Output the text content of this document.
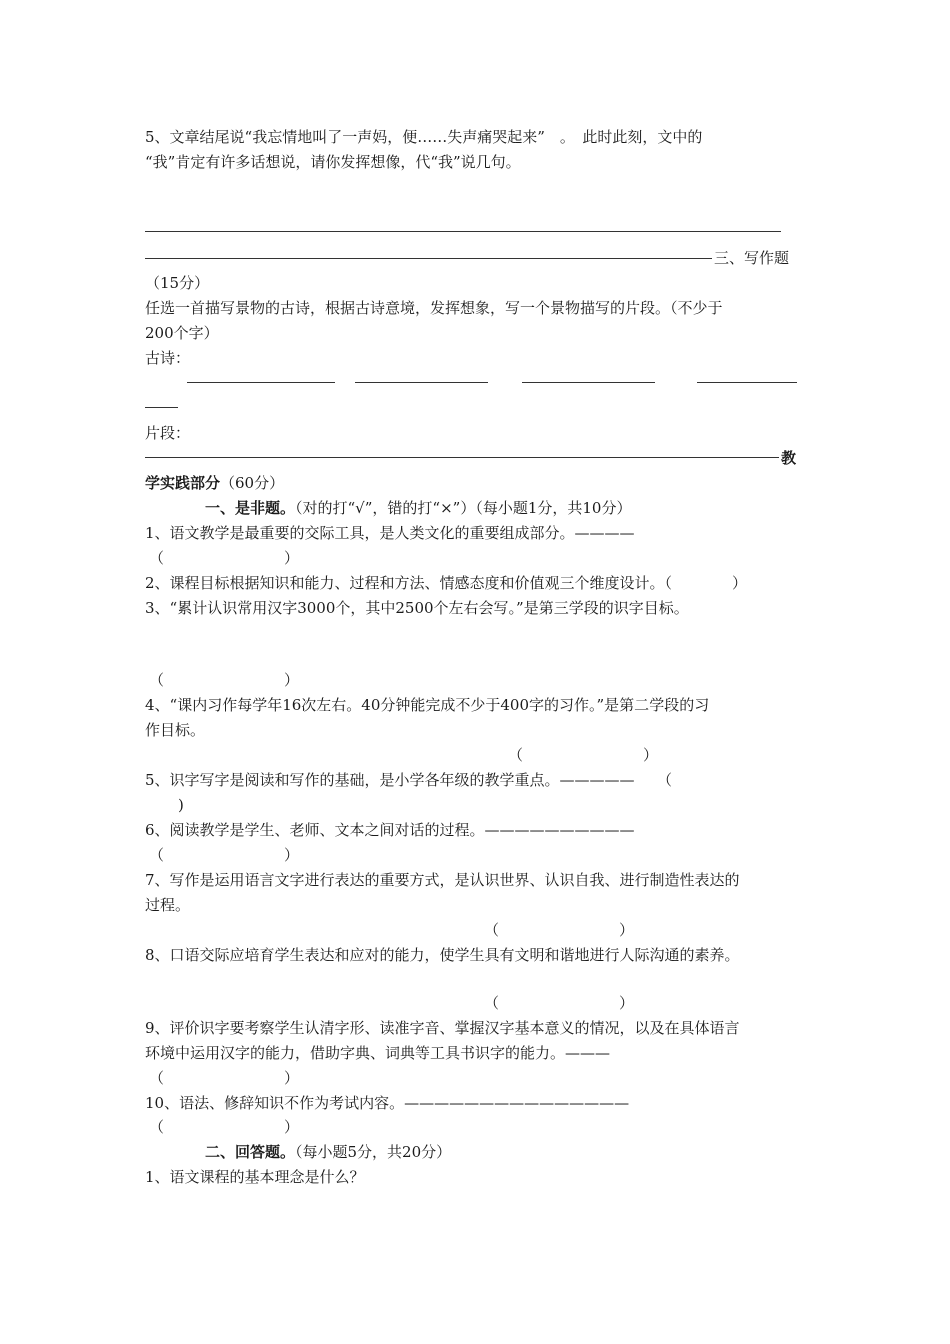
5、文章结尾说“我忘情地叫了一声妈，便……失声痛哭起来”　。　此时此刻，文中的
“我”肯定有许多话想说，请你发挥想像，代“我”说几句。
三、写作题
（15分）
任选一首描写景物的古诗，根据古诗意境，发挥想象，写一个景物描写的片段。（不少于
200个字）
古诗：
片段：
教
学实践部分（60分）
一、是非题。（对的打“√”，错的打“×”）（每小题1分，共10分）
1、语文教学是最重要的交际工具，是人类文化的重要组成部分。————
（　　　　　　　　）
2、课程目标根据知识和能力、过程和方法、情感态度和价值观三个维度设计。（　　　　）
3、“累计认识常用汉字3000个，其中2500个左右会写。”是第三学段的识字目标。
（　　　　　　　　）
4、“课内习作每学年16次左右。40分钟能完成不少于400字的习作。”是第二学段的习
作目标。
（　　　　　　　　）
5、识字写字是阅读和写作的基础，是小学各年级的教学重点。—————　　（
)
6、阅读教学是学生、老师、文本之间对话的过程。——————————
（　　　　　　　　）
7、写作是运用语言文字进行表达的重要方式，是认识世界、认识自我、进行制造性表达的
过程。
（　　　　　　　　）
8、口语交际应培育学生表达和应对的能力，使学生具有文明和谐地进行人际沟通的素养。
（　　　　　　　　）
9、评价识字要考察学生认清字形、读准字音、掌握汉字基本意义的情况，以及在具体语言
环境中运用汉字的能力，借助字典、词典等工具书识字的能力。———
（　　　　　　　　）
10、语法、修辞知识不作为考试内容。———————————————
（　　　　　　　　）
二、回答题。（每小题5分，共20分）
1、语文课程的基本理念是什么？
